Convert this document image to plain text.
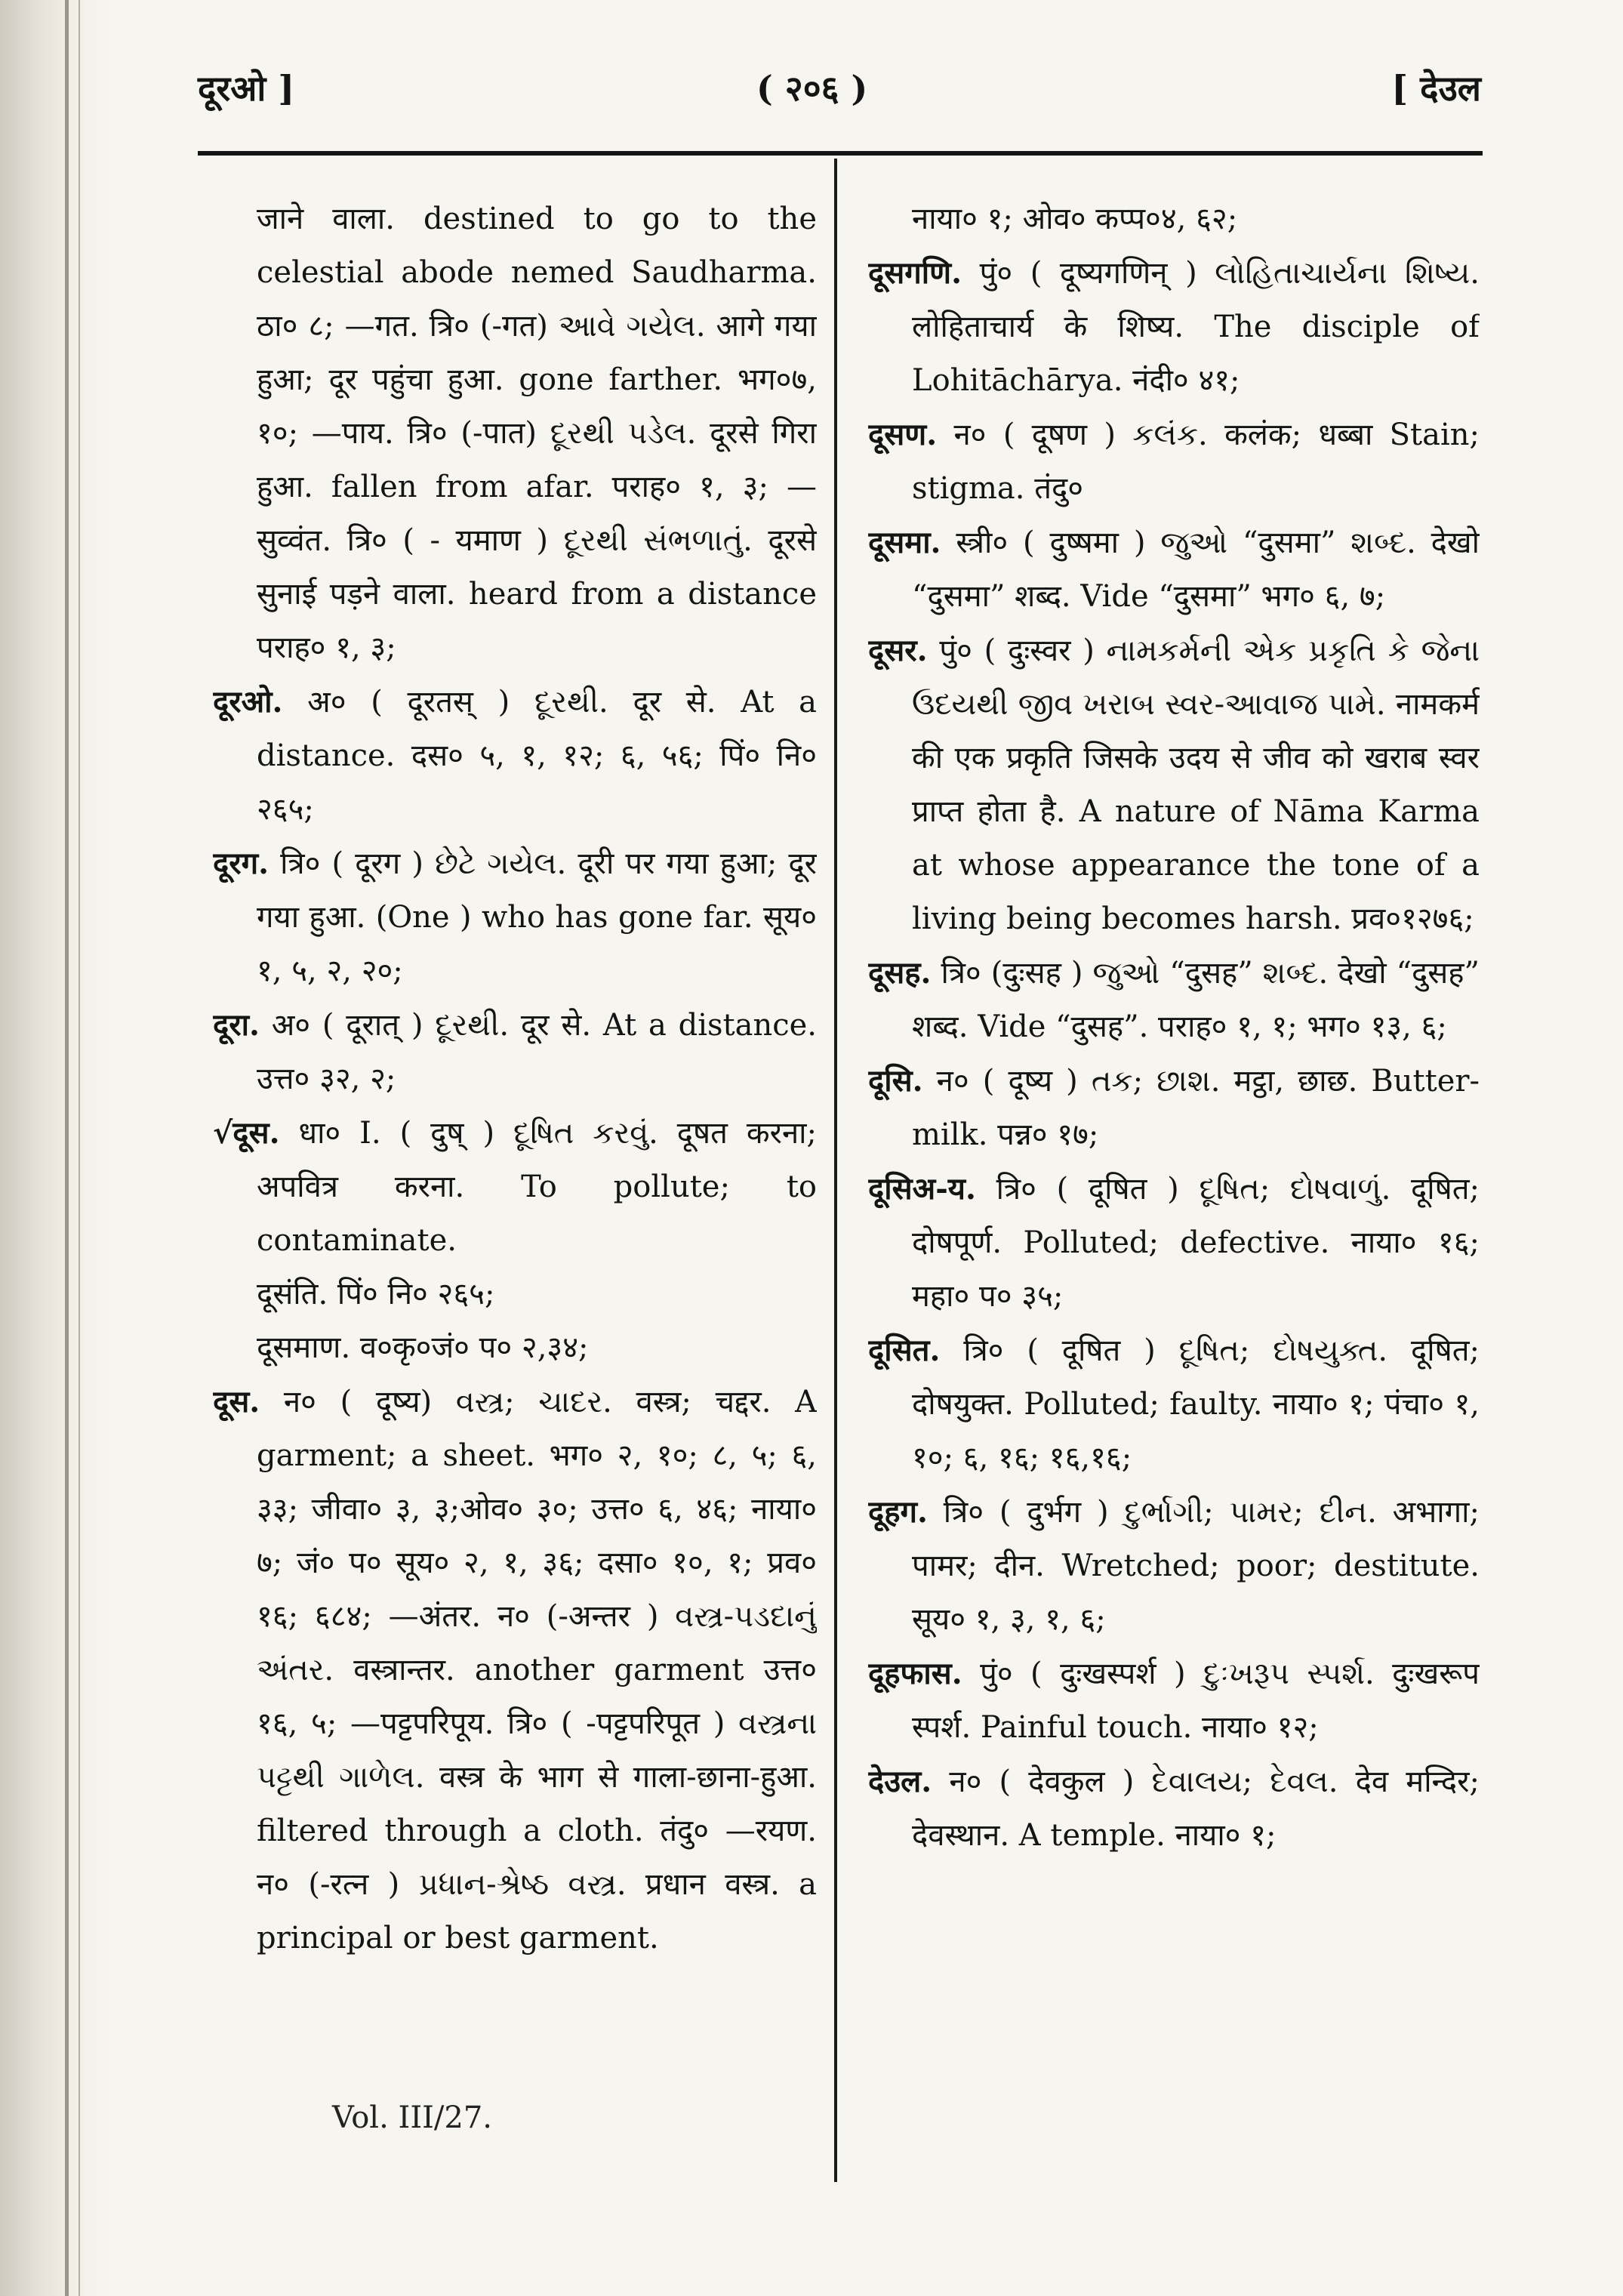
दूरओ ]	( २०६ )	[ देउल

जाने वाला. destined to go to the celestial abode nemed Saudharma. ठा० ८; —गत. त्रि० (-गत) આવે ગયેલ. आगे गया हुआ; दूर पहुंचा हुआ. gone farther. भग०७, १०; —पाय. त्रि० (-पात) દૂરથી પડેલ. दूरसे गिरा हुआ. fallen from afar. पराह० १, ३; —सुव्वंत. त्रि० ( - यमाण ) દૂરથી સંભળાતું. दूरसे सुनाई पड़ने वाला. heard from a distance पराह० १, ३;

दूरओ. अ० ( दूरतस् ) દૂરથી. दूर से. At a distance. दस० ५, १, १२; ६, ५६; पिं० नि० २६५;

दूरग. त्रि० ( दूरग ) છેટે ગયેલ. दूरी पर गया हुआ; दूर गया हुआ. (One ) who has gone far. सूय० १, ५, २, २०;

दूरा. अ० ( दूरात् ) દૂરથી. दूर से. At a distance. उत्त० ३२, २;

√दूस. धा० I. ( दुष् ) દૂષિત કરવું. दूषत करना; अपवित्र करना. To pollute; to contaminate.

दूसंति. पिं० नि० २६५;

दूसमाण. व०कृ०जं० प० २,३४;

दूस. न० ( दूष्य) વસ્ત્ર; ચાદર. वस्त्र; चद्दर. A garment; a sheet. भग० २, १०; ८, ५; ६, ३३; जीवा० ३, ३;ओव० ३०; उत्त० ६, ४६; नाया० ७; जं० प० सूय० २, १, ३६; दसा० १०, १; प्रव० १६; ६८४; —अंतर. न० (-अन्तर ) વસ્ત્ર-પડદાનું અંતર. वस्त्रान्तर. another garment उत्त० १६, ५; —पट्टपरिपूय. त्रि० ( -पट्टपरिपूत ) વસ્ત્રના પટ્ટથી ગાળેલ. वस्त्र के भाग से गाला-छाना-हुआ. filtered through a cloth. तंदु० —रयण. न० (-रत्न ) પ્રધાન-શ્રેષ્ઠ વસ્ત્ર. प्रधान वस्त्र. a principal or best garment.

Vol. III/27.

नाया० १; ओव० कप्प०४, ६२;

दूसगणि. पुं० ( दूष्यगणिन् ) લોહિતાચાર્યના શિષ્ય. लोहिताचार्य के शिष्य. The disciple of Lohitāchārya. नंदी० ४१;

दूसण. न० ( दूषण ) કલંક. कलंक; धब्बा Stain; stigma. तंदु०

दूसमा. स्त्री० ( दुष्षमा ) જુઓ “दुसमा” શબ્દ. देखो “दुसमा” शब्द. Vide “दुसमा” भग० ६, ७;

दूसर. पुं० ( दुःस्वर ) નામકર્મની એક પ્રકૃતિ કે જેના ઉદયથી જીવ ખરાબ સ્વર-આવાજ પામે. नामकर्म की एक प्रकृति जिसके उदय से जीव को खराब स्वर प्राप्त होता है. A nature of Nāma Karma at whose appearance the tone of a living being becomes harsh. प्रव०१२७६;

दूसह. त्रि० (दुःसह ) જુઓ “दुसह” શબ્દ. देखो “दुसह” शब्द. Vide “दुसह”. पराह० १, १; भग० १३, ६;

दूसि. न० ( दूष्य ) તક; છાશ. मट्ठा, छाछ. Butter-milk. पन्न० १७;

दूसिअ-य. त्रि० ( दूषित ) દૂષિત; દોષવાળું. दूषित; दोषपूर्ण. Polluted; defective. नाया० १६; महा० प० ३५;

दूसित. त्रि० ( दूषित ) દૂષિત; દોષયુક્ત. दूषित; दोषयुक्त. Polluted; faulty. नाया० १; पंचा० १, १०; ६, १६; १६,१६;

दूहग. त्रि० ( दुर्भग ) દુર્ભાગી; પામર; દીન. अभागा; पामर; दीन. Wretched; poor; destitute. सूय० १, ३, १, ६;

दूहफास. पुं० ( दुःखस्पर्श ) દુઃખરૂપ સ્પર્શ. दुःखरूप स्पर्श. Painful touch. नाया० १२;

देउल. न० ( देवकुल ) દેવાલય; દેવલ. देव मन्दिर; देवस्थान. A temple. नाया० १;
